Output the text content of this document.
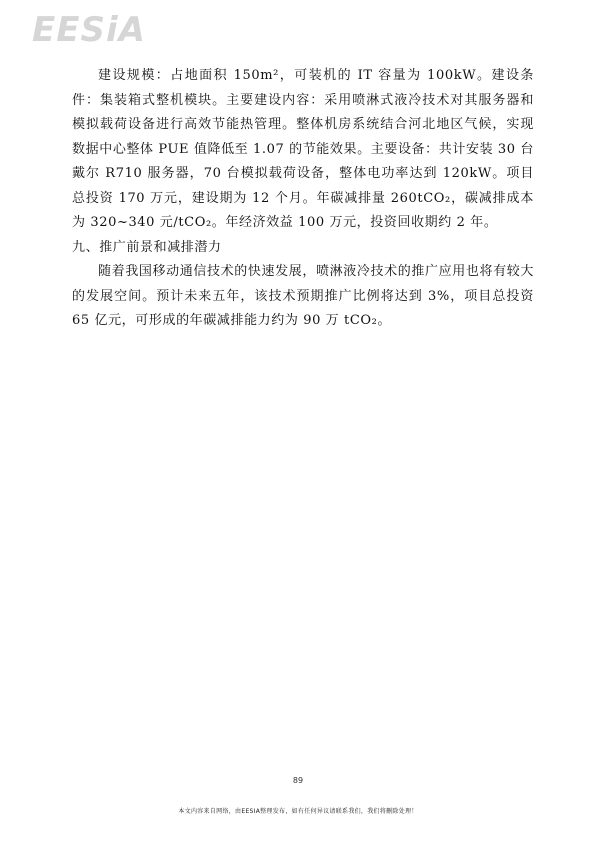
EESiA

建设规模：占地面积 150m²，可装机的 IT 容量为 100kW。建设条件：集装箱式整机模块。主要建设内容：采用喷淋式液冷技术对其服务器和模拟载荷设备进行高效节能热管理。整体机房系统结合河北地区气候，实现数据中心整体 PUE 值降低至 1.07 的节能效果。主要设备：共计安装 30 台戴尔 R710 服务器，70 台模拟载荷设备，整体电功率达到 120kW。项目总投资 170 万元，建设期为 12 个月。年碳减排量 260tCO₂，碳减排成本为 320~340 元/tCO₂。年经济效益 100 万元，投资回收期约 2 年。

九、推广前景和减排潜力

随着我国移动通信技术的快速发展，喷淋液冷技术的推广应用也将有较大的发展空间。预计未来五年，该技术预期推广比例将达到 3%，项目总投资 65 亿元，可形成的年碳减排能力约为 90 万 tCO₂。

89
本文内容来自网络，由EESIA整理发布，如有任何异议请联系我们，我们将删除处理！
